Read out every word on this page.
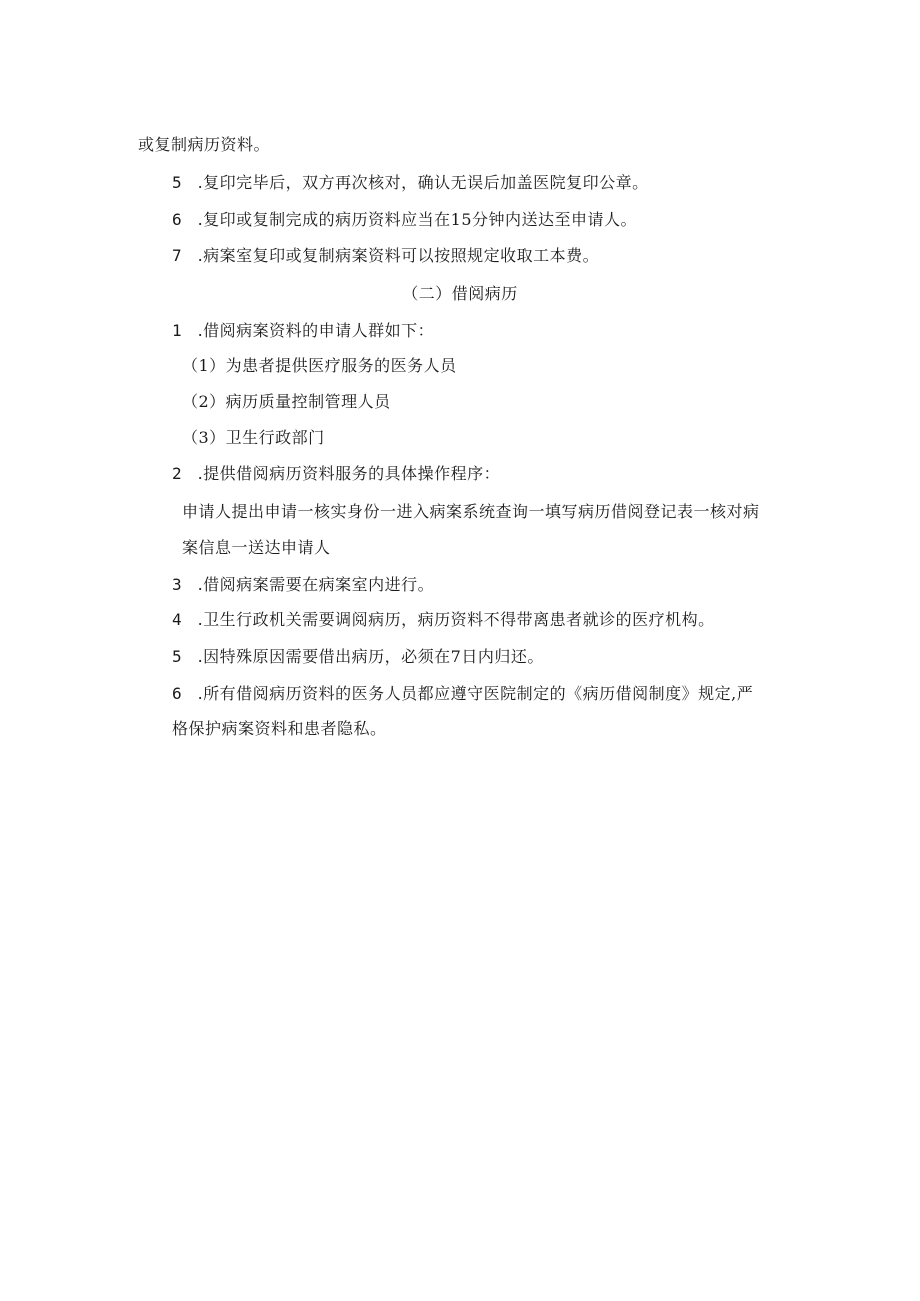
或复制病历资料。
5 .复印完毕后，双方再次核对，确认无误后加盖医院复印公章。
6 .复印或复制完成的病历资料应当在15分钟内送达至申请人。
7 .病案室复印或复制病案资料可以按照规定收取工本费。
（二）借阅病历
1 .借阅病案资料的申请人群如下：
（1）为患者提供医疗服务的医务人员
（2）病历质量控制管理人员
（3）卫生行政部门
2 .提供借阅病历资料服务的具体操作程序：
申请人提出申请一核实身份一进入病案系统查询一填写病历借阅登记表一核对病
案信息一送达申请人
3 .借阅病案需要在病案室内进行。
4 .卫生行政机关需要调阅病历，病历资料不得带离患者就诊的医疗机构。
5 .因特殊原因需要借出病历，必须在7日内归还。
6 .所有借阅病历资料的医务人员都应遵守医院制定的《病历借阅制度》规定,严
格保护病案资料和患者隐私。
